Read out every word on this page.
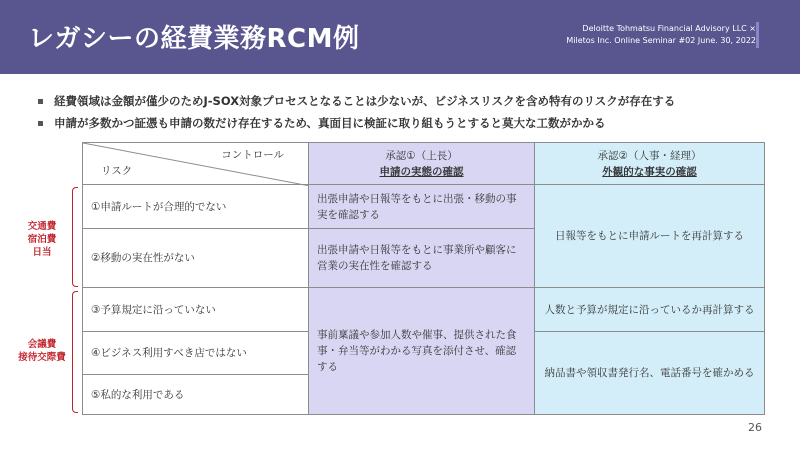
レガシーの経費業務RCM例	Deloitte Tohmatsu Financial Advisory LLC ×
Miletos Inc. Online Seminar #02 June. 30, 2022
経費領域は金額が僅少のためJ-SOX対象プロセスとなることは少ないが、ビジネスリスクを含め特有のリスクが存在する
申請が多数かつ証憑も申請の数だけ存在するため、真面目に検証に取り組もうとすると莫大な工数がかかる
交通費
宿泊費
日当
会議費
接待交際費
コントロール
リスク
承認①（上長）
申請の実態の確認
承認②（人事・経理）
外観的な事実の確認
①申請ルートが合理的でない
②移動の実在性がない
③予算規定に沿っていない
④ビジネス利用すべき店ではない
⑤私的な利用である
出張申請や日報等をもとに出張・移動の事実を確認する
出張申請や日報等をもとに事業所や顧客に営業の実在性を確認する
事前稟議や参加人数や催事、提供された食事・弁当等がわかる写真を添付させ、確認する
日報等をもとに申請ルートを再計算する
人数と予算が規定に沿っているか再計算する
納品書や領収書発行名、電話番号を確かめる
26
